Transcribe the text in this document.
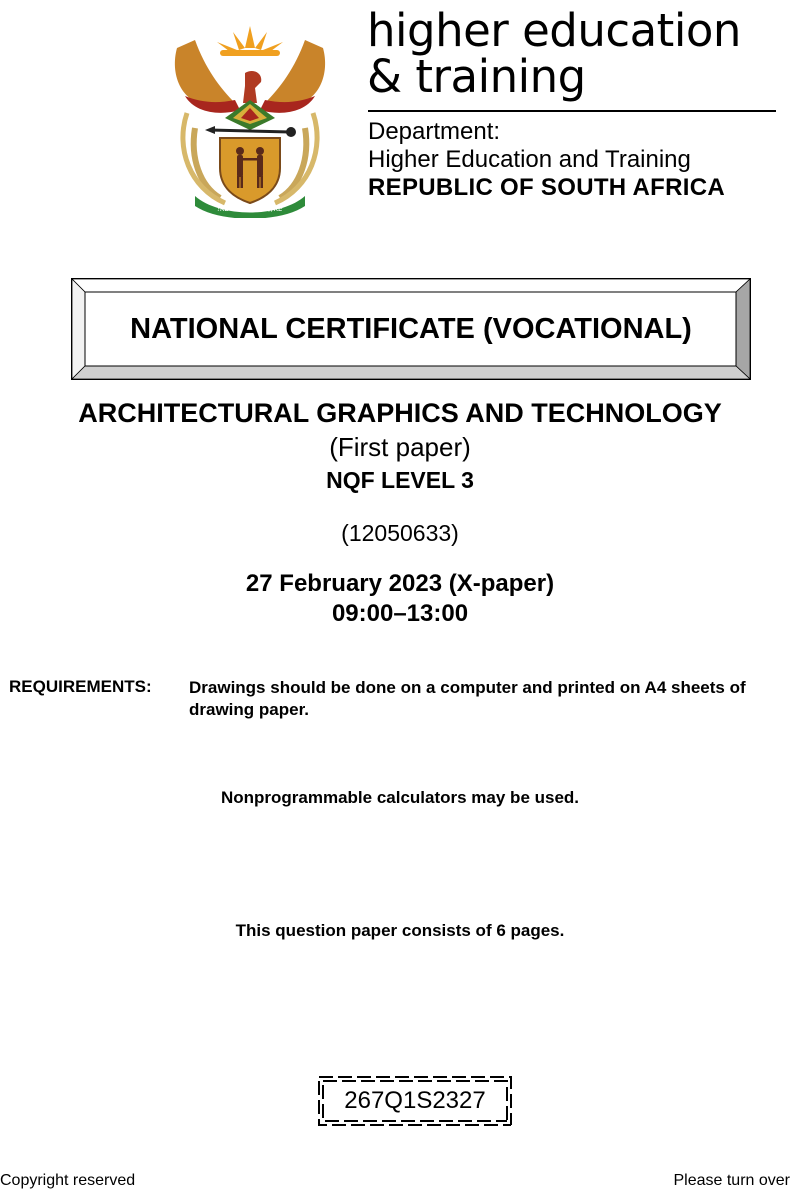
!KE E: /XARRA //KE
higher education
& training
Department:
Higher Education and Training
REPUBLIC OF SOUTH AFRICA
NATIONAL CERTIFICATE (VOCATIONAL)
ARCHITECTURAL GRAPHICS AND TECHNOLOGY
(First paper)
NQF LEVEL 3
(12050633)
27 February 2023 (X-paper)
09:00–13:00
REQUIREMENTS: Drawings should be done on a computer and printed on A4 sheets of drawing paper.
Nonprogrammable calculators may be used.
This question paper consists of 6 pages.
267Q1S2327
Copyright reserved	Please turn over
